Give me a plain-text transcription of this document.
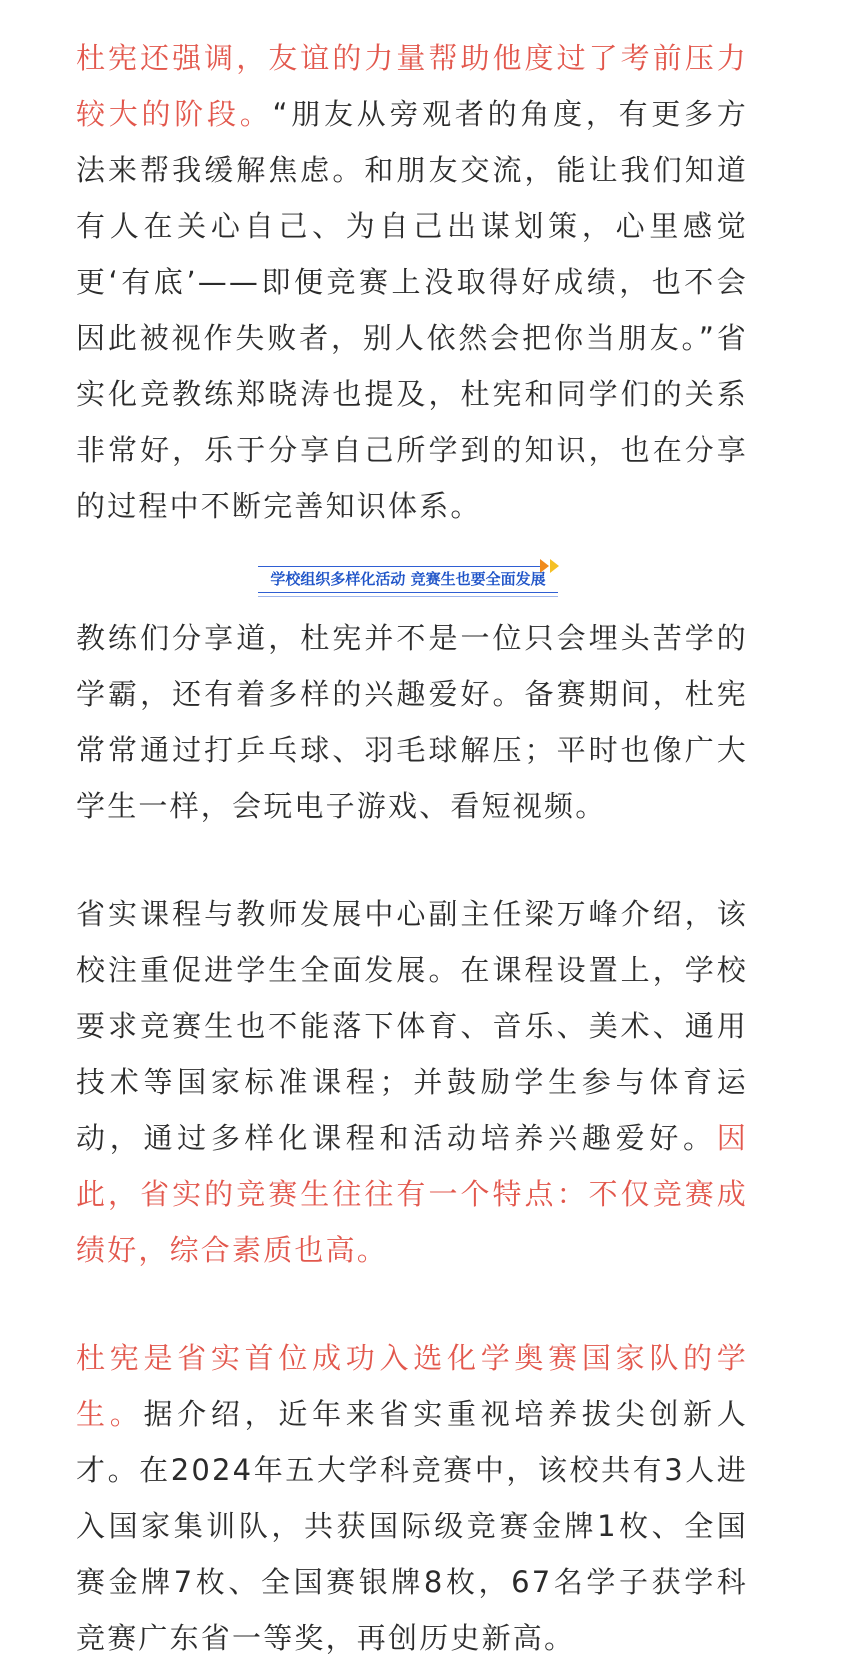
杜宪还强调，友谊的力量帮助他度过了考前压力较大的阶段。“朋友从旁观者的角度，有更多方法来帮我缓解焦虑。和朋友交流，能让我们知道有人在关心自己、为自己出谋划策，心里感觉更‘有底’——即便竞赛上没取得好成绩，也不会因此被视作失败者，别人依然会把你当朋友。”省实化竞教练郑晓涛也提及，杜宪和同学们的关系非常好，乐于分享自己所学到的知识，也在分享的过程中不断完善知识体系。

学校组织多样化活动 竞赛生也要全面发展

教练们分享道，杜宪并不是一位只会埋头苦学的学霸，还有着多样的兴趣爱好。备赛期间，杜宪常常通过打乒乓球、羽毛球解压；平时也像广大学生一样，会玩电子游戏、看短视频。

省实课程与教师发展中心副主任梁万峰介绍，该校注重促进学生全面发展。在课程设置上，学校要求竞赛生也不能落下体育、音乐、美术、通用技术等国家标准课程；并鼓励学生参与体育运动，通过多样化课程和活动培养兴趣爱好。因此，省实的竞赛生往往有一个特点：不仅竞赛成绩好，综合素质也高。

杜宪是省实首位成功入选化学奥赛国家队的学生。据介绍，近年来省实重视培养拔尖创新人才。在2024年五大学科竞赛中，该校共有3人进入国家集训队，共获国际级竞赛金牌1枚、全国赛金牌7枚、全国赛银牌8枚，67名学子获学科竞赛广东省一等奖，再创历史新高。
